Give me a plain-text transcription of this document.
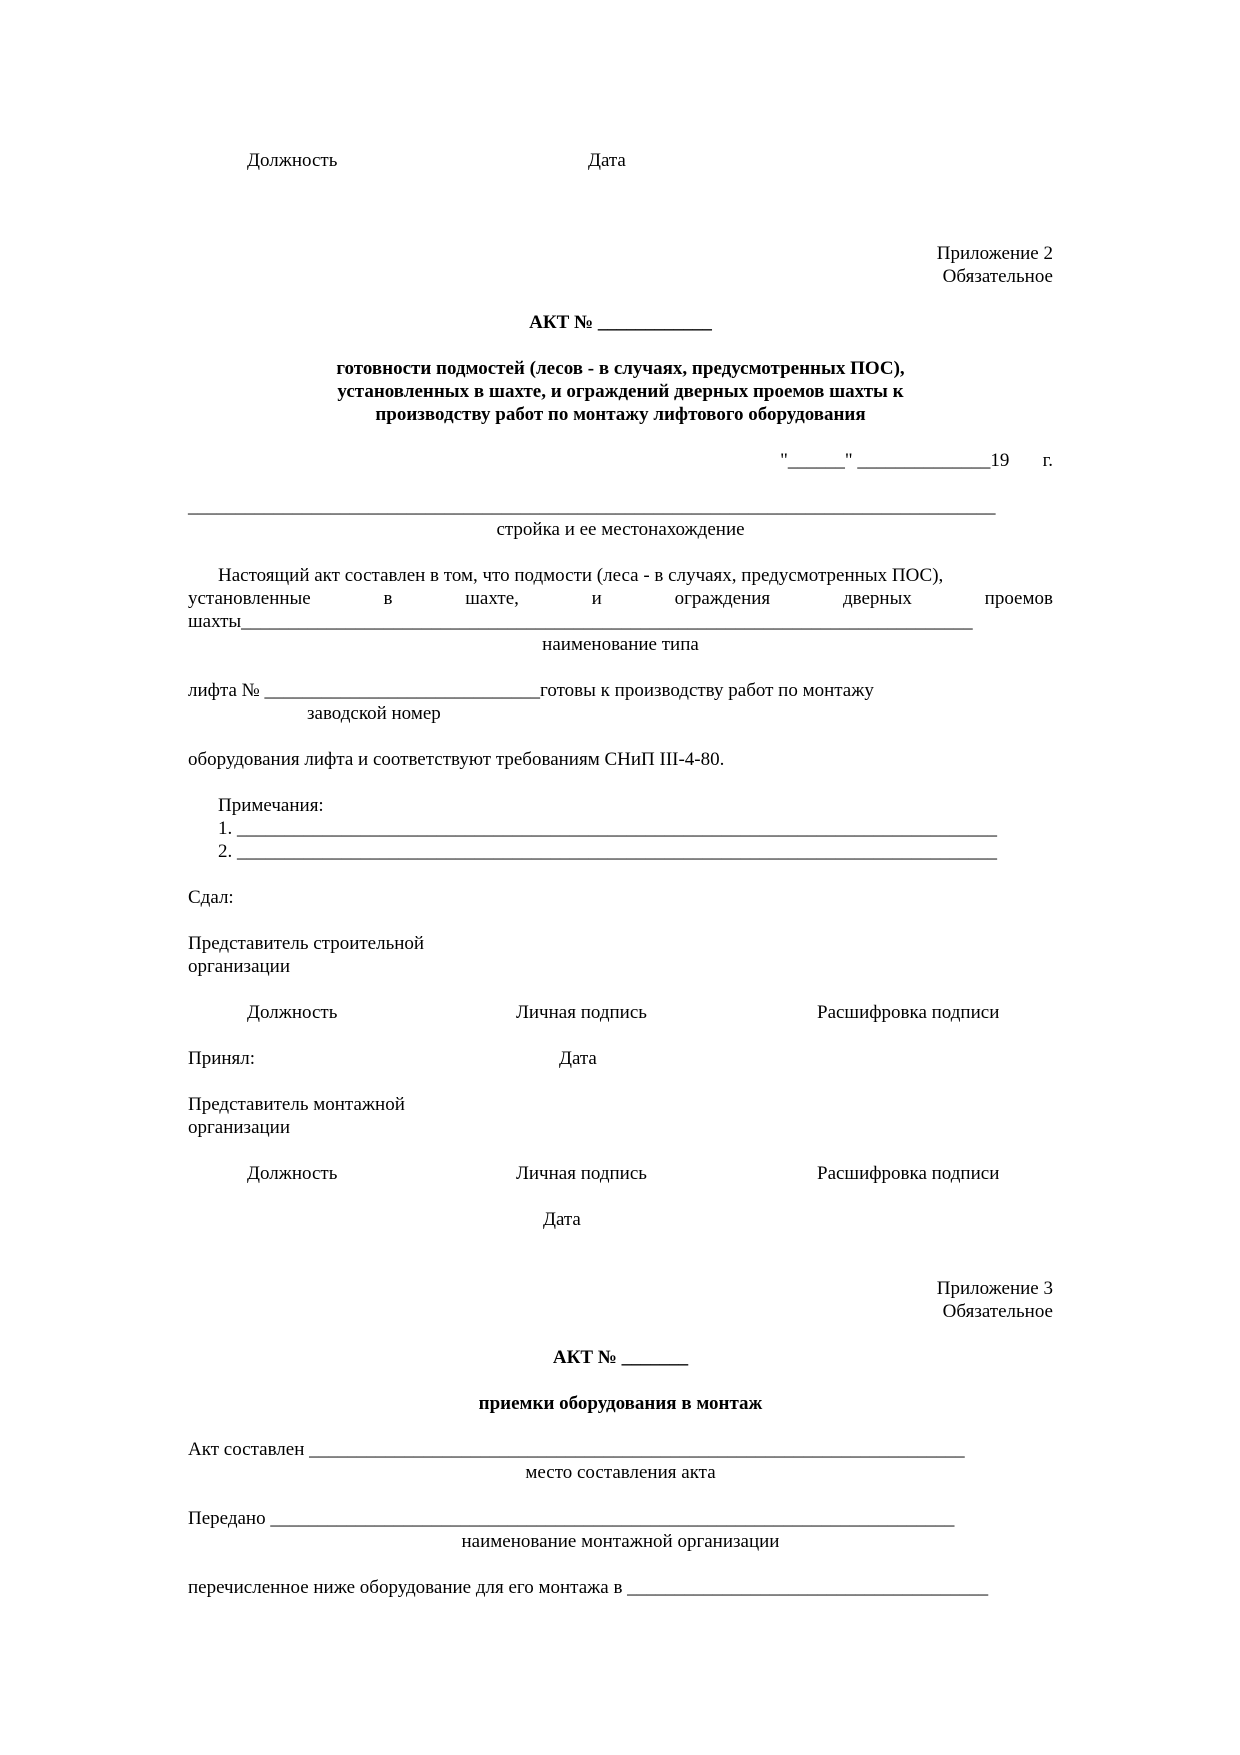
Должность	Дата
Приложение 2
Обязательное
АКТ № ____________
готовности подмостей (лесов - в случаях, предусмотренных ПОС),
установленных в шахте, и ограждений дверных проемов шахты к
производству работ по монтажу лифтового оборудования
"______" ______________19       г.
_____________________________________________________________________________________
стройка и ее местонахождение
Настоящий акт составлен в том, что подмости (леса - в случаях, предусмотренных ПОС),
установленные в шахте, и ограждения дверных проемов
шахты_____________________________________________________________________________
наименование типа
лифта № _____________________________готовы к производству работ по монтажу
заводской номер
оборудования лифта и соответствуют требованиям СНиП III-4-80.
Примечания:
1. ________________________________________________________________________________
2. ________________________________________________________________________________
Сдал:
Представитель строительной
организации
Должность	Личная подпись	Расшифровка подписи
Принял:	Дата
Представитель монтажной
организации
Должность	Личная подпись	Расшифровка подписи
Дата
Приложение 3
Обязательное
АКТ № _______
приемки оборудования в монтаж
Акт составлен _____________________________________________________________________
место составления акта
Передано ________________________________________________________________________
наименование монтажной организации
перечисленное ниже оборудование для его монтажа в ______________________________________
